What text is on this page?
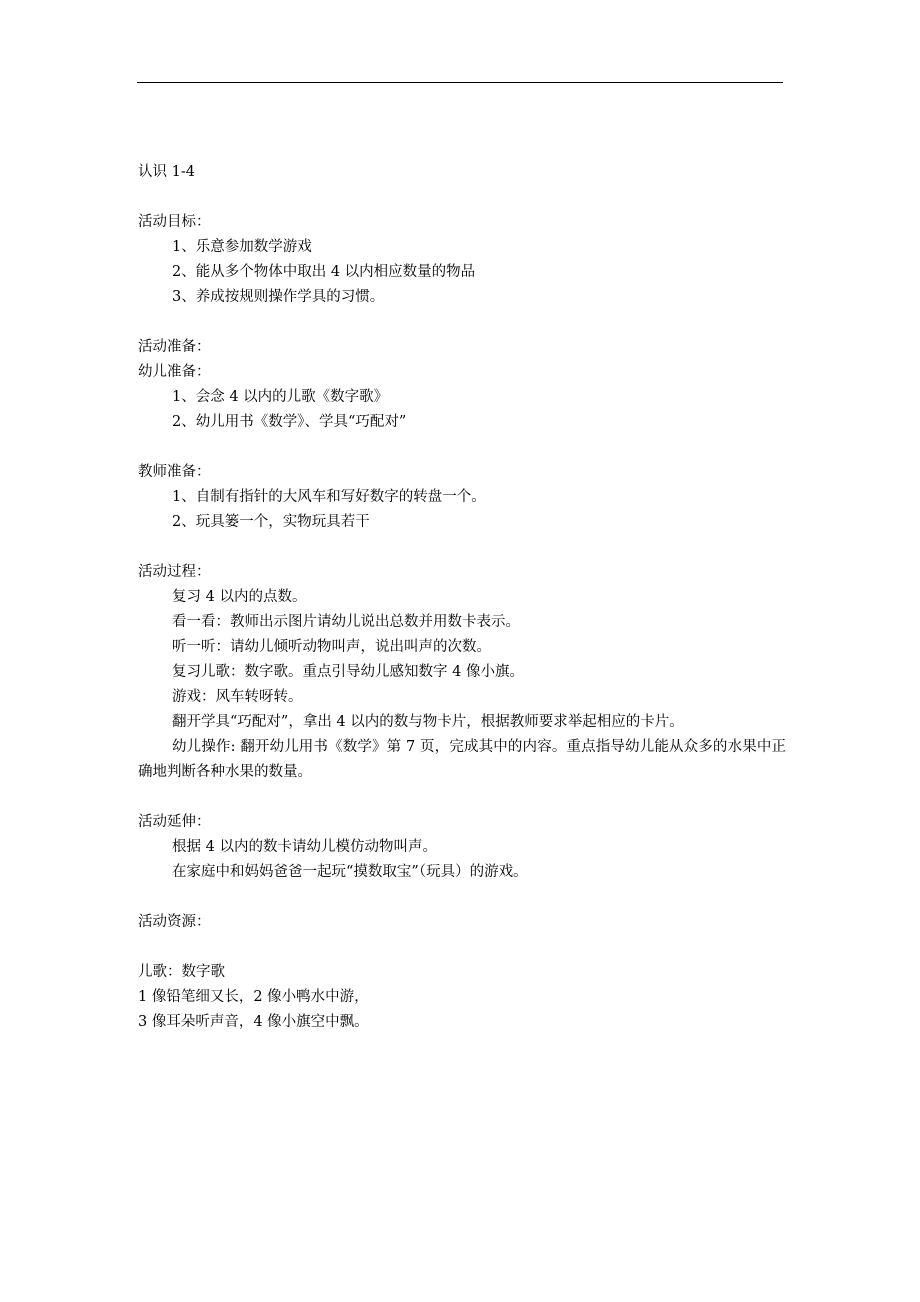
认识 1-4

活动目标：

1、乐意参加数学游戏

2、能从多个物体中取出 4 以内相应数量的物品

3、养成按规则操作学具的习惯。

活动准备：

幼儿准备：

1、会念 4 以内的儿歌《数字歌》

2、幼儿用书《数学》、学具“巧配对”

教师准备：

1、自制有指针的大风车和写好数字的转盘一个。

2、玩具篓一个，实物玩具若干

活动过程：

复习 4 以内的点数。

看一看：教师出示图片请幼儿说出总数并用数卡表示。

听一听：请幼儿倾听动物叫声，说出叫声的次数。

复习儿歌：数字歌。重点引导幼儿感知数字 4 像小旗。

游戏：风车转呀转。

翻开学具“巧配对”，拿出 4 以内的数与物卡片，根据教师要求举起相应的卡片。

幼儿操作: 翻开幼儿用书《数学》第 7 页，完成其中的内容。重点指导幼儿能从众多的水果中正确地判断各种水果的数量。

活动延伸：

根据 4 以内的数卡请幼儿模仿动物叫声。

在家庭中和妈妈爸爸一起玩“摸数取宝”（玩具）的游戏。

活动资源：

儿歌：数字歌

1 像铅笔细又长，2 像小鸭水中游，

3 像耳朵听声音，4 像小旗空中飘。
